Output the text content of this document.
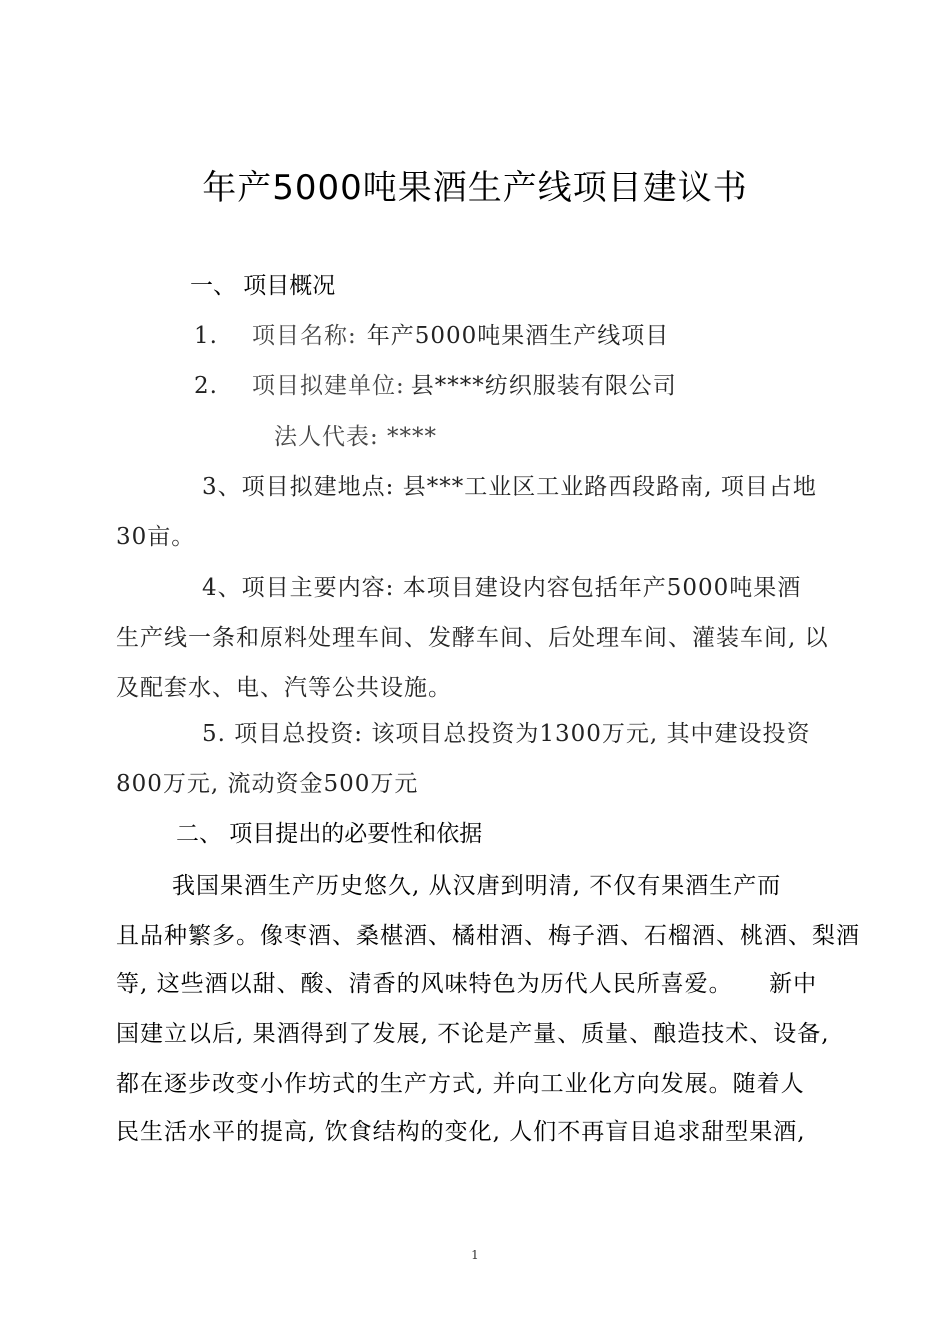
年产5000吨果酒生产线项目建议书
一、 项目概况
1. 项目名称: 年产5000吨果酒生产线项目
2. 项目拟建单位: 县****纺织服装有限公司
法人代表: ****
3、项目拟建地点: 县***工业区工业路西段路南, 项目占地
30亩。
4、项目主要内容: 本项目建设内容包括年产5000吨果酒
生产线一条和原料处理车间、发酵车间、后处理车间、灌装车间, 以
及配套水、电、汽等公共设施。
5. 项目总投资: 该项目总投资为1300万元, 其中建设投资
800万元, 流动资金500万元
二、 项目提出的必要性和依据
我国果酒生产历史悠久, 从汉唐到明清, 不仅有果酒生产而
且品种繁多。像枣酒、桑椹酒、橘柑酒、梅子酒、石榴酒、桃酒、梨酒
等, 这些酒以甜、酸、清香的风味特色为历代人民所喜爱。　　新中
国建立以后, 果酒得到了发展, 不论是产量、质量、酿造技术、设备,
都在逐步改变小作坊式的生产方式, 并向工业化方向发展。随着人
民生活水平的提高, 饮食结构的变化, 人们不再盲目追求甜型果酒,
1
